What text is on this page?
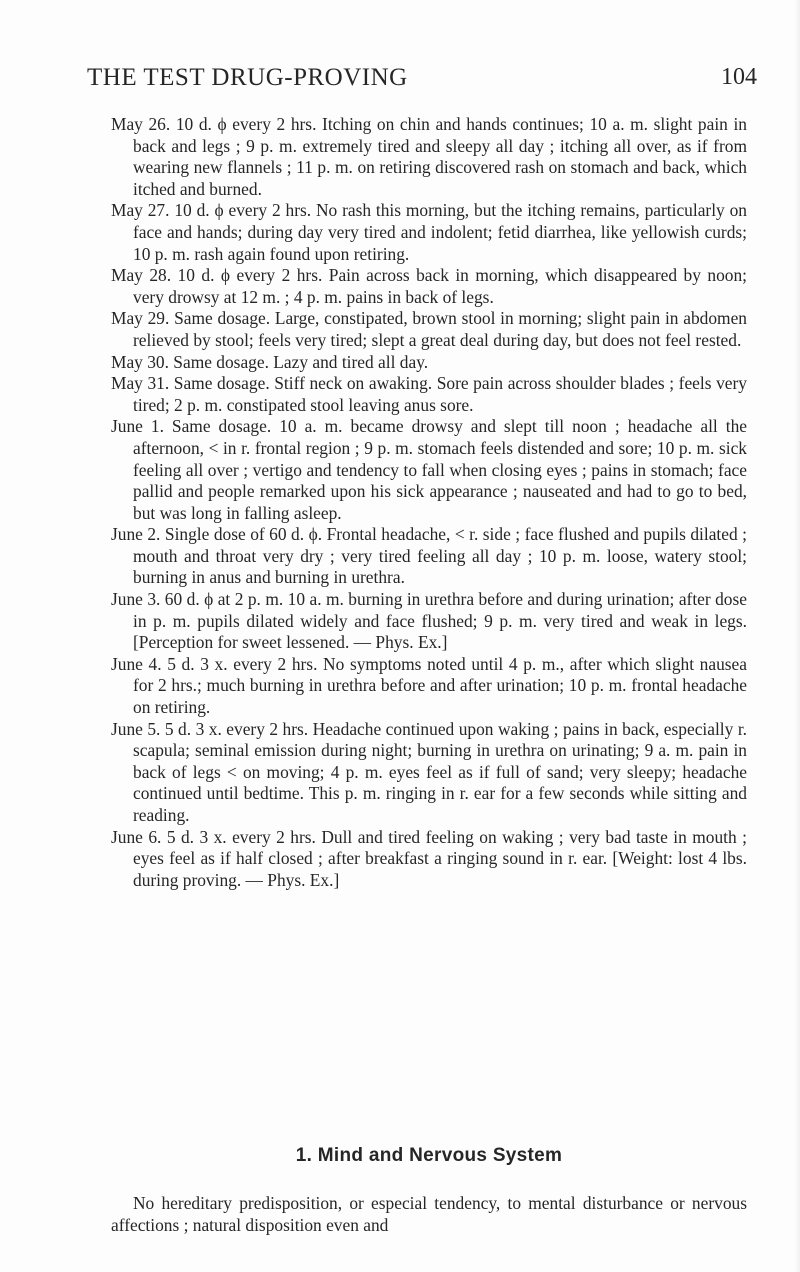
THE TEST DRUG-PROVING	104

May 26. 10 d. ϕ every 2 hrs. Itching on chin and hands continues; 10 a. m. slight pain in back and legs ; 9 p. m. extremely tired and sleepy all day ; itching all over, as if from wearing new flannels ; 11 p. m. on retiring discovered rash on stomach and back, which itched and burned.

May 27. 10 d. ϕ every 2 hrs. No rash this morning, but the itching remains, particularly on face and hands; during day very tired and indolent; fetid diarrhea, like yellowish curds; 10 p. m. rash again found upon retiring.

May 28. 10 d. ϕ every 2 hrs. Pain across back in morning, which disappeared by noon; very drowsy at 12 m. ; 4 p. m. pains in back of legs.

May 29. Same dosage. Large, constipated, brown stool in morning; slight pain in abdomen relieved by stool; feels very tired; slept a great deal during day, but does not feel rested.

May 30. Same dosage. Lazy and tired all day.

May 31. Same dosage. Stiff neck on awaking. Sore pain across shoulder blades ; feels very tired; 2 p. m. constipated stool leaving anus sore.

June 1. Same dosage. 10 a. m. became drowsy and slept till noon ; headache all the afternoon, < in r. frontal region ; 9 p. m. stomach feels distended and sore; 10 p. m. sick feeling all over ; vertigo and tendency to fall when closing eyes ; pains in stomach; face pallid and people remarked upon his sick appearance ; nauseated and had to go to bed, but was long in falling asleep.

June 2. Single dose of 60 d. ϕ. Frontal headache, < r. side ; face flushed and pupils dilated ; mouth and throat very dry ; very tired feeling all day ; 10 p. m. loose, watery stool; burning in anus and burning in urethra.

June 3. 60 d. ϕ at 2 p. m. 10 a. m. burning in urethra before and during urination; after dose in p. m. pupils dilated widely and face flushed; 9 p. m. very tired and weak in legs. [Perception for sweet lessened. — Phys. Ex.]

June 4. 5 d. 3 x. every 2 hrs. No symptoms noted until 4 p. m., after which slight nausea for 2 hrs.; much burning in urethra before and after urination; 10 p. m. frontal headache on retiring.

June 5. 5 d. 3 x. every 2 hrs. Headache continued upon waking ; pains in back, especially r. scapula; seminal emission during night; burning in urethra on urinating; 9 a. m. pain in back of legs < on moving; 4 p. m. eyes feel as if full of sand; very sleepy; headache continued until bedtime. This p. m. ringing in r. ear for a few seconds while sitting and reading.

June 6. 5 d. 3 x. every 2 hrs. Dull and tired feeling on waking ; very bad taste in mouth ; eyes feel as if half closed ; after breakfast a ringing sound in r. ear. [Weight: lost 4 lbs. during proving. — Phys. Ex.]

1. Mind and Nervous System

No hereditary predisposition, or especial tendency, to mental disturbance or nervous affections ; natural disposition even and
